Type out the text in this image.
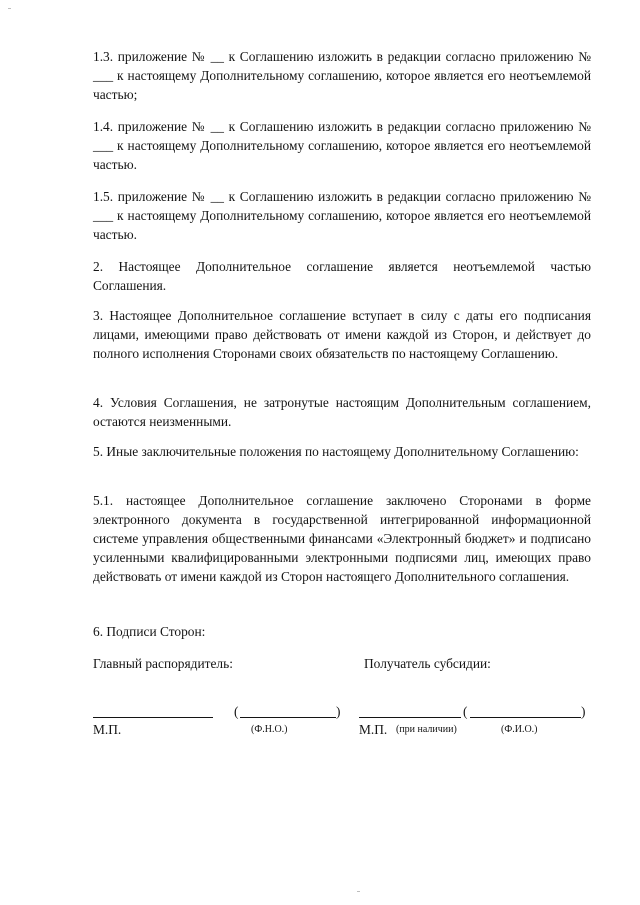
1.3. приложение № __ к Соглашению изложить в редакции согласно приложению № ___ к настоящему Дополнительному соглашению, которое является его неотъемлемой частью;

1.4. приложение № __ к Соглашению изложить в редакции согласно приложению № ___ к настоящему Дополнительному соглашению, которое является его неотъемлемой частью.

1.5. приложение № __ к Соглашению изложить в редакции согласно приложению № ___ к настоящему Дополнительному соглашению, которое является его неотъемлемой частью.

2. Настоящее Дополнительное соглашение является неотъемлемой частью Соглашения.

3. Настоящее Дополнительное соглашение вступает в силу с даты его подписания лицами, имеющими право действовать от имени каждой из Сторон, и действует до полного исполнения Сторонами своих обязательств по настоящему Соглашению.

4. Условия Соглашения, не затронутые настоящим Дополнительным соглашением, остаются неизменными.

5. Иные заключительные положения по настоящему Дополнительному Соглашению:

5.1. настоящее Дополнительное соглашение заключено Сторонами в форме электронного документа в государственной интегрированной информационной системе управления общественными финансами «Электронный бюджет» и подписано усиленными квалифицированными электронными подписями лиц, имеющих право действовать от имени каждой из Сторон настоящего Дополнительного соглашения.

6. Подписи Сторон:
Главный распорядитель:	Получатель субсидии:
(	)	(	)
М.П.	(Ф.Н.О.)	М.П. (при наличии)	(Ф.И.О.)
